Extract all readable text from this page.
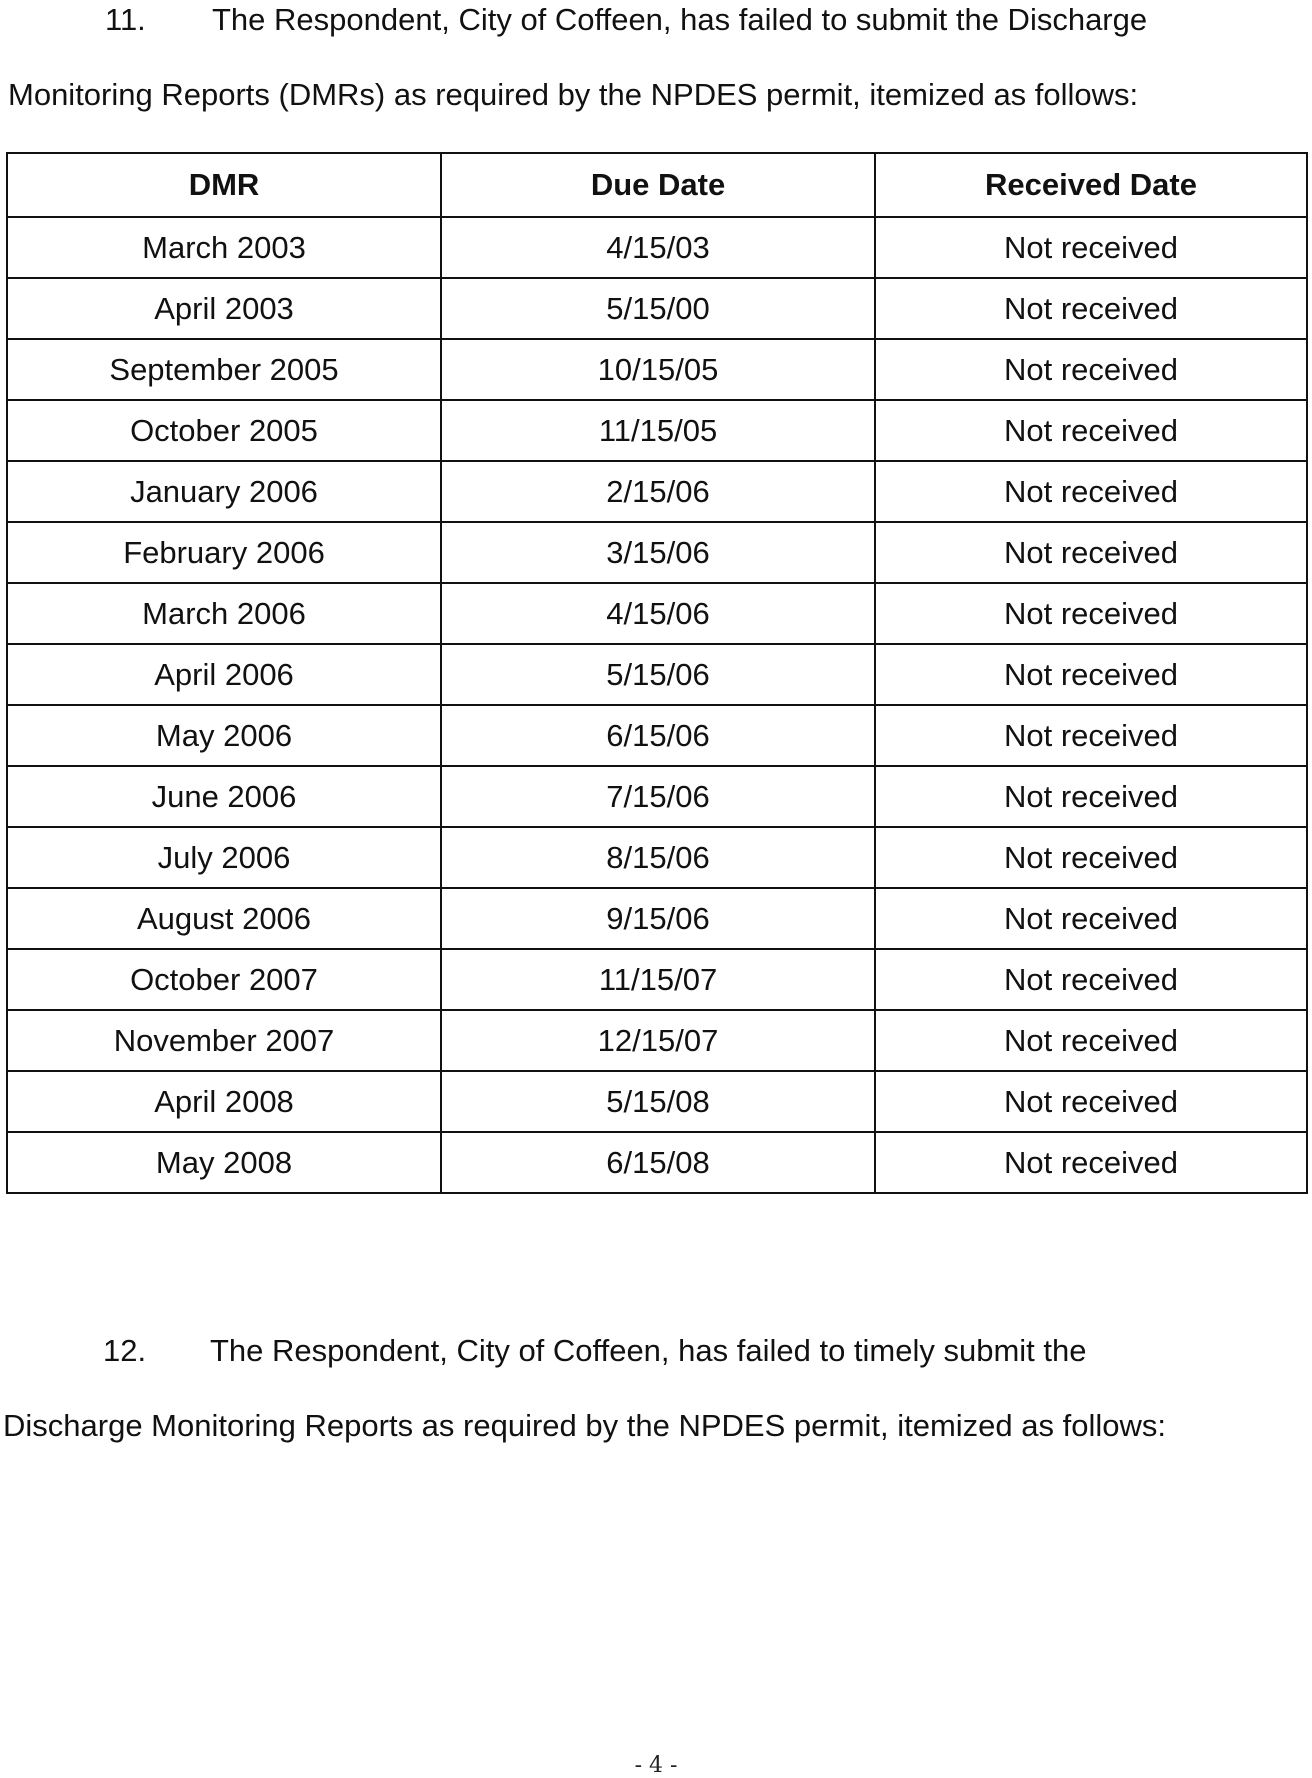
11. The Respondent, City of Coffeen, has failed to submit the Discharge
Monitoring Reports (DMRs) as required by the NPDES permit, itemized as follows:
DMR	Due Date	Received Date
March 2003	4/15/03	Not received
April 2003	5/15/00	Not received
September 2005	10/15/05	Not received
October 2005	11/15/05	Not received
January 2006	2/15/06	Not received
February 2006	3/15/06	Not received
March 2006	4/15/06	Not received
April 2006	5/15/06	Not received
May 2006	6/15/06	Not received
June 2006	7/15/06	Not received
July 2006	8/15/06	Not received
August 2006	9/15/06	Not received
October 2007	11/15/07	Not received
November 2007	12/15/07	Not received
April 2008	5/15/08	Not received
May 2008	6/15/08	Not received
12. The Respondent, City of Coffeen, has failed to timely submit the
Discharge Monitoring Reports as required by the NPDES permit, itemized as follows:
- 4 -
